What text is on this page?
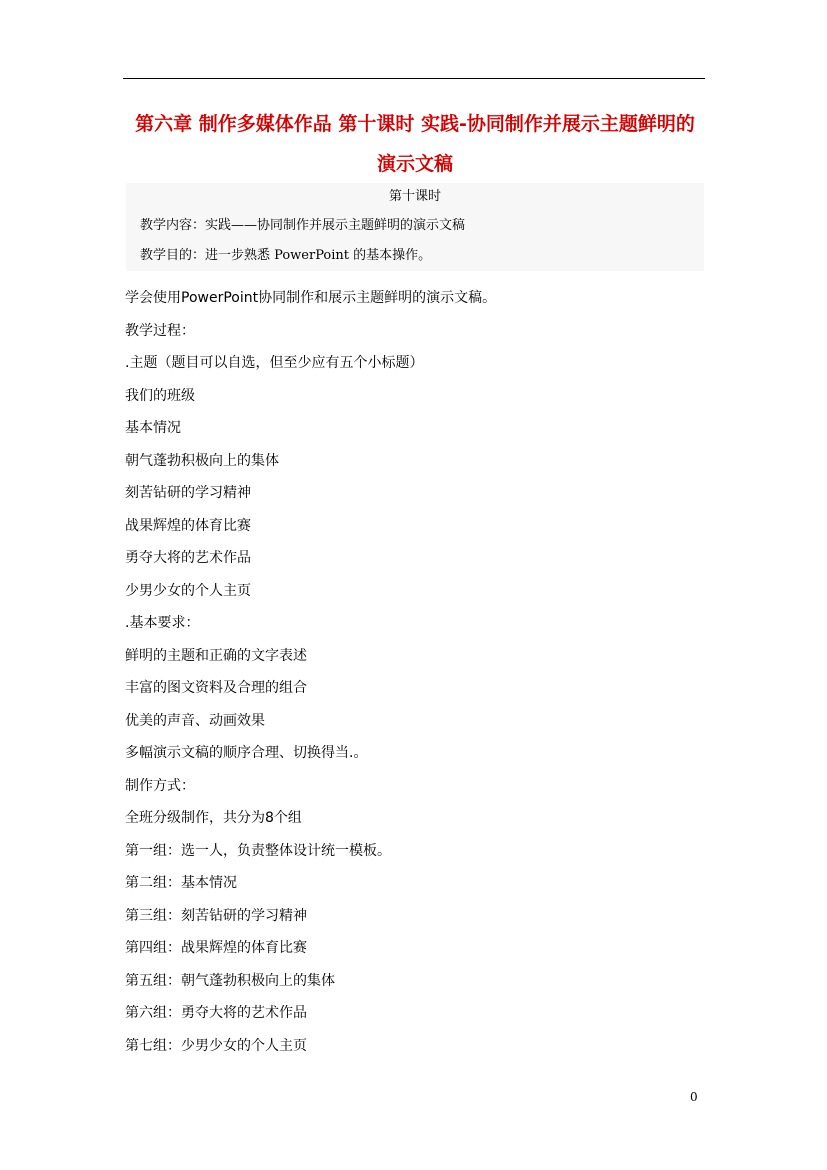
第六章 制作多媒体作品 第十课时 实践-协同制作并展示主题鲜明的
演示文稿
第十课时
教学内容：实践——协同制作并展示主题鲜明的演示文稿
教学目的：进一步熟悉 PowerPoint 的基本操作。
学会使用PowerPoint协同制作和展示主题鲜明的演示文稿。
教学过程：
.主题（题目可以自选，但至少应有五个小标题）
我们的班级
基本情况
朝气蓬勃积极向上的集体
刻苦钻研的学习精神
战果辉煌的体育比赛
勇夺大将的艺术作品
少男少女的个人主页
.基本要求：
鲜明的主题和正确的文字表述
丰富的图文资料及合理的组合
优美的声音、动画效果
多幅演示文稿的顺序合理、切换得当.。
制作方式：
全班分级制作，共分为8个组
第一组：选一人，负责整体设计统一模板。
第二组：基本情况
第三组：刻苦钻研的学习精神
第四组：战果辉煌的体育比赛
第五组：朝气蓬勃积极向上的集体
第六组：勇夺大将的艺术作品
第七组：少男少女的个人主页
0
